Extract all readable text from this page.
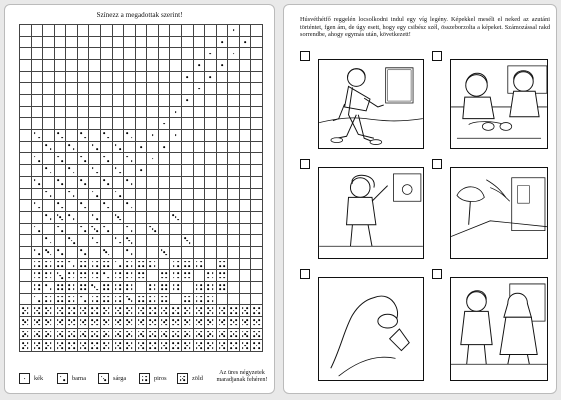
Színezz a megadottak szerint!
kék	barna	sárga	piros	zöld
Az üres négyzetek maradjanak fehéren!
Húsvéthétfő reggelén locsolkodni indul egy víg legény. Képekkel meséli el neked az azutáni történtet, fgen ám, de úgy esett, hogy egy csibész szél, összeborzolta a képeket. Számozással rakd sorrendbe, ahogy egymás után, következett!
